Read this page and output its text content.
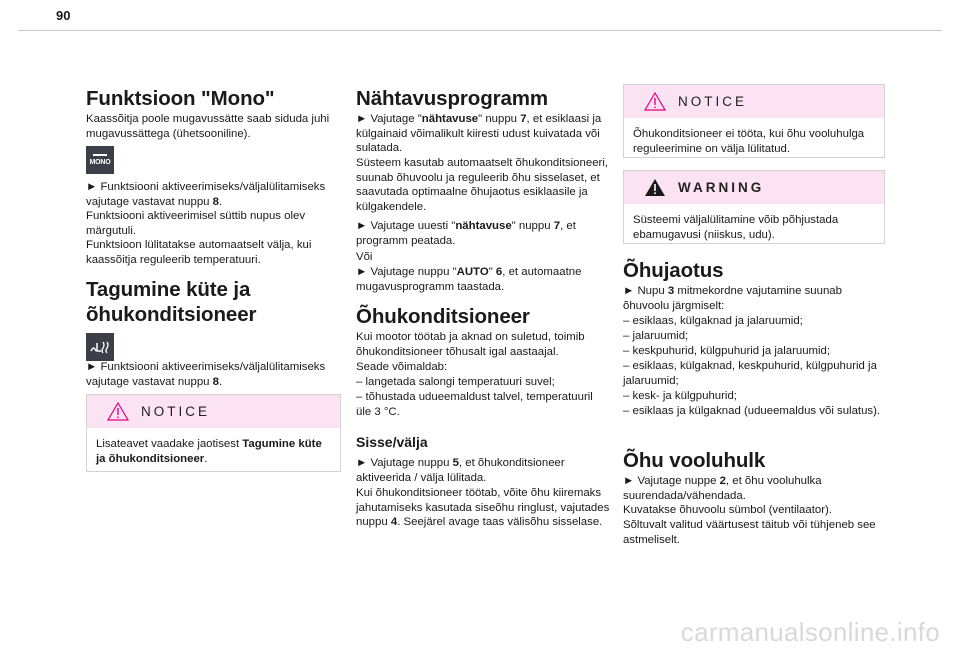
90
Funktsioon "Mono"

Kaassõitja poole mugavussätte saab siduda juhi mugavussättega (ühetsooniline).

MONO

► Funktsiooni aktiveerimiseks/väljalülitamiseks vajutage vastavat nuppu 8.

Funktsiooni aktiveerimisel süttib nupus olev märgutuli.

Funktsioon lülitatakse automaatselt välja, kui kaassõitja reguleerib temperatuuri.

Tagumine küte ja
õhukonditsioneer

► Funktsiooni aktiveerimiseks/väljalülitamiseks vajutage vastavat nuppu 8.

NOTICE

Lisateavet vaadake jaotisest Tagumine küte ja õhukonditsioneer.

Nähtavusprogramm

► Vajutage "nähtavuse" nuppu 7, et esiklaasi ja külgainaid võimalikult kiiresti udust kuivatada või sulatada.

Süsteem kasutab automaatselt õhukonditsioneeri, suunab õhuvoolu ja reguleerib õhu sisselaset, et saavutada optimaalne õhujaotus esiklaasile ja külgakendele.

► Vajutage uuesti "nähtavuse" nuppu 7, et programm peatada.

Või

► Vajutage nuppu "AUTO" 6, et automaatne mugavusprogramm taastada.

Õhukonditsioneer

Kui mootor töötab ja aknad on suletud, toimib õhukonditsioneer tõhusalt igal aastaajal.

Seade võimaldab:

– langetada salongi temperatuuri suvel;

– tõhustada udueemaldust talvel, temperatuuril üle 3 °C.

Sisse/välja

► Vajutage nuppu 5, et õhukonditsioneer aktiveerida / välja lülitada.

Kui õhukonditsioneer töötab, võite õhu kiiremaks jahutamiseks kasutada siseõhu ringlust, vajutades nuppu 4. Seejärel avage taas välisõhu sisselase.

NOTICE

Õhukonditsioneer ei tööta, kui õhu vooluhulga reguleerimine on välja lülitatud.

WARNING

Süsteemi väljalülitamine võib põhjustada ebamugavusi (niiskus, udu).

Õhujaotus

► Nupu 3 mitmekordne vajutamine suunab õhuvoolu järgmiselt:

– esiklaas, külgaknad ja jalaruumid;

– jalaruumid;

– keskpuhurid, külgpuhurid ja jalaruumid;

– esiklaas, külgaknad, keskpuhurid, külgpuhurid ja jalaruumid;

– kesk- ja külgpuhurid;

– esiklaas ja külgaknad (udueemaldus või sulatus).

Õhu vooluhulk

► Vajutage nuppe 2, et õhu vooluhulka suurendada/vähendada.

Kuvatakse õhuvoolu sümbol (ventilaator).

Sõltuvalt valitud väärtusest täitub või tühjeneb see astmeliselt.

carmanualsonline.info
